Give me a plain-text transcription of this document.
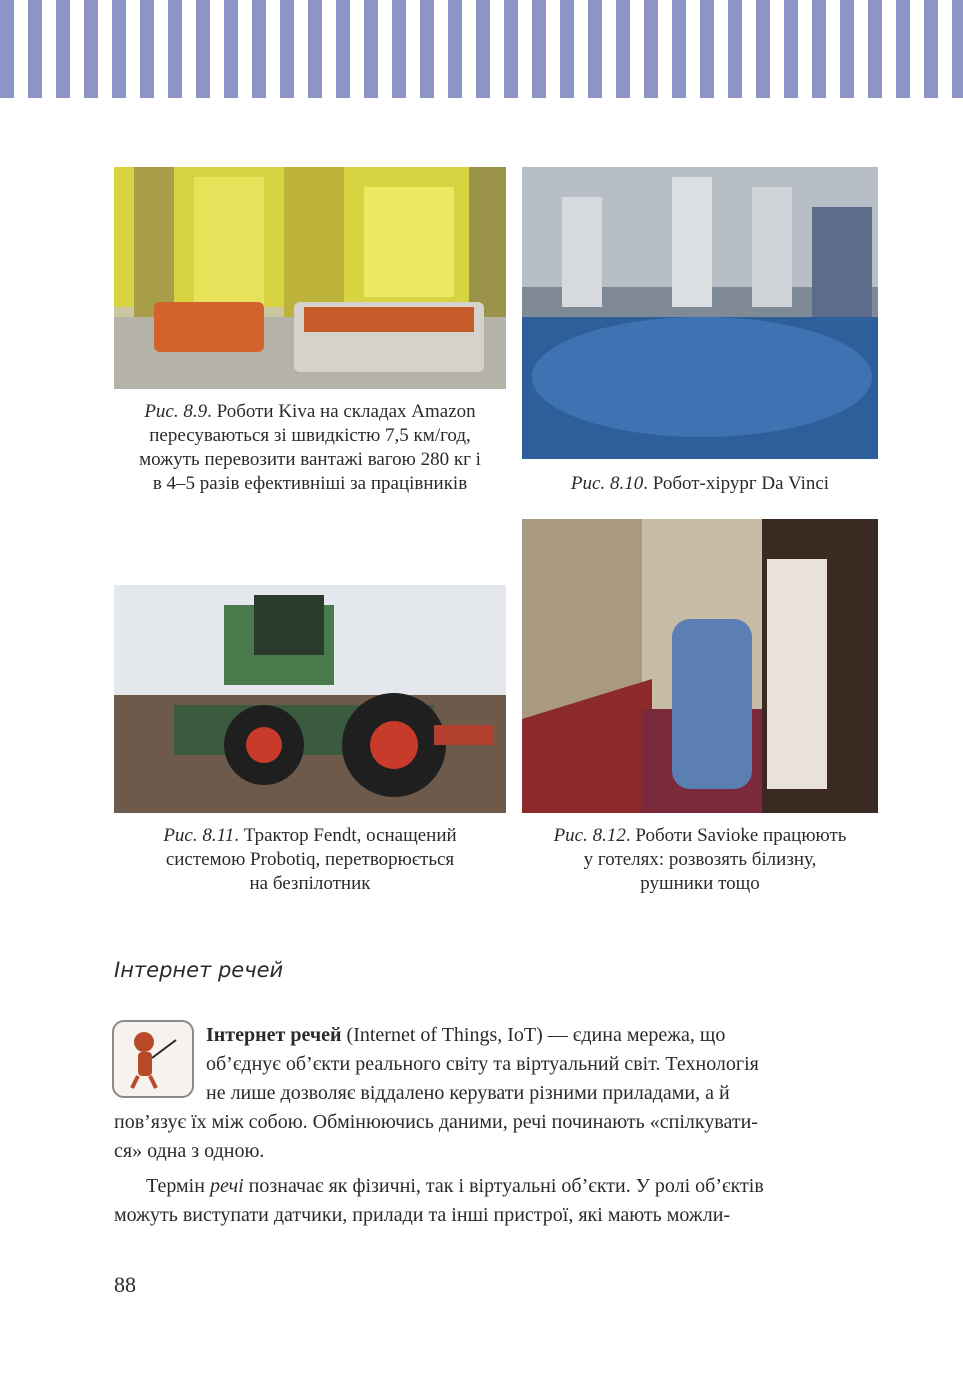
Рис. 8.9. Роботи Kiva на складах Amazon
пересуваються зі швидкістю 7,5 км/год,
можуть перевозити вантажі вагою 280 кг і
в 4–5 разів ефективніші за працівників	Рис. 8.10. Робот-хірург Da Vinci
Рис. 8.11. Трактор Fendt, оснащений
системою Probotiq, перетворюється
на безпілотник
Рис. 8.12. Роботи Savioke працюють
у готелях: розвозять білизну,
рушники тощо
Інтернет речей
Інтернет речей (Internet of Things, IoT) — єдина мережа, що
об’єднує об’єкти реального світу та віртуальний світ. Технологія
не лише дозволяє віддалено керувати різними приладами, а й
пов’язує їх між собою. Обмінюючись даними, речі починають «спілкувати-
ся» одна з одною.
Термін речі позначає як фізичні, так і віртуальні об’єкти. У ролі об’єктів
можуть виступати датчики, прилади та інші пристрої, які мають можли-
88
